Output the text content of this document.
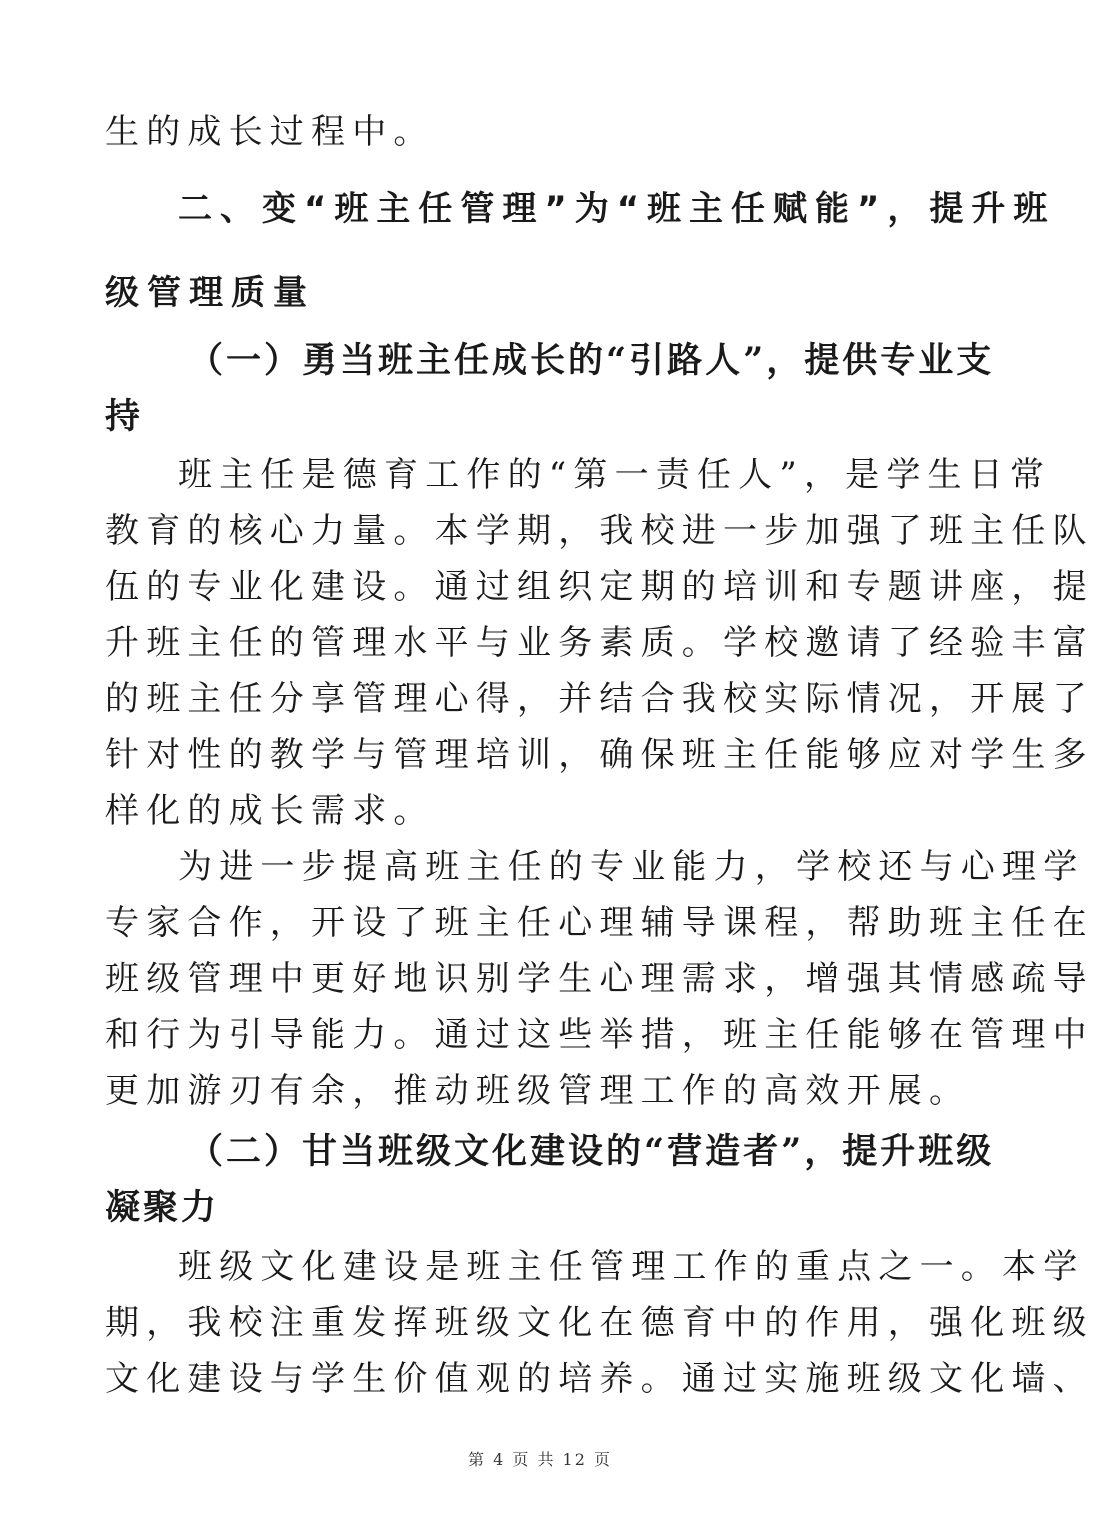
生的成长过程中。
二、变“班主任管理”为“班主任赋能”，提升班
级管理质量
（一）勇当班主任成长的“引路人”，提供专业支
持
班主任是德育工作的“第一责任人”，是学生日常
教育的核心力量。本学期，我校进一步加强了班主任队
伍的专业化建设。通过组织定期的培训和专题讲座，提
升班主任的管理水平与业务素质。学校邀请了经验丰富
的班主任分享管理心得，并结合我校实际情况，开展了
针对性的教学与管理培训，确保班主任能够应对学生多
样化的成长需求。
为进一步提高班主任的专业能力，学校还与心理学
专家合作，开设了班主任心理辅导课程，帮助班主任在
班级管理中更好地识别学生心理需求，增强其情感疏导
和行为引导能力。通过这些举措，班主任能够在管理中
更加游刃有余，推动班级管理工作的高效开展。
（二）甘当班级文化建设的“营造者”，提升班级
凝聚力
班级文化建设是班主任管理工作的重点之一。本学
期，我校注重发挥班级文化在德育中的作用，强化班级
文化建设与学生价值观的培养。通过实施班级文化墙、
第 4 页 共 12 页
